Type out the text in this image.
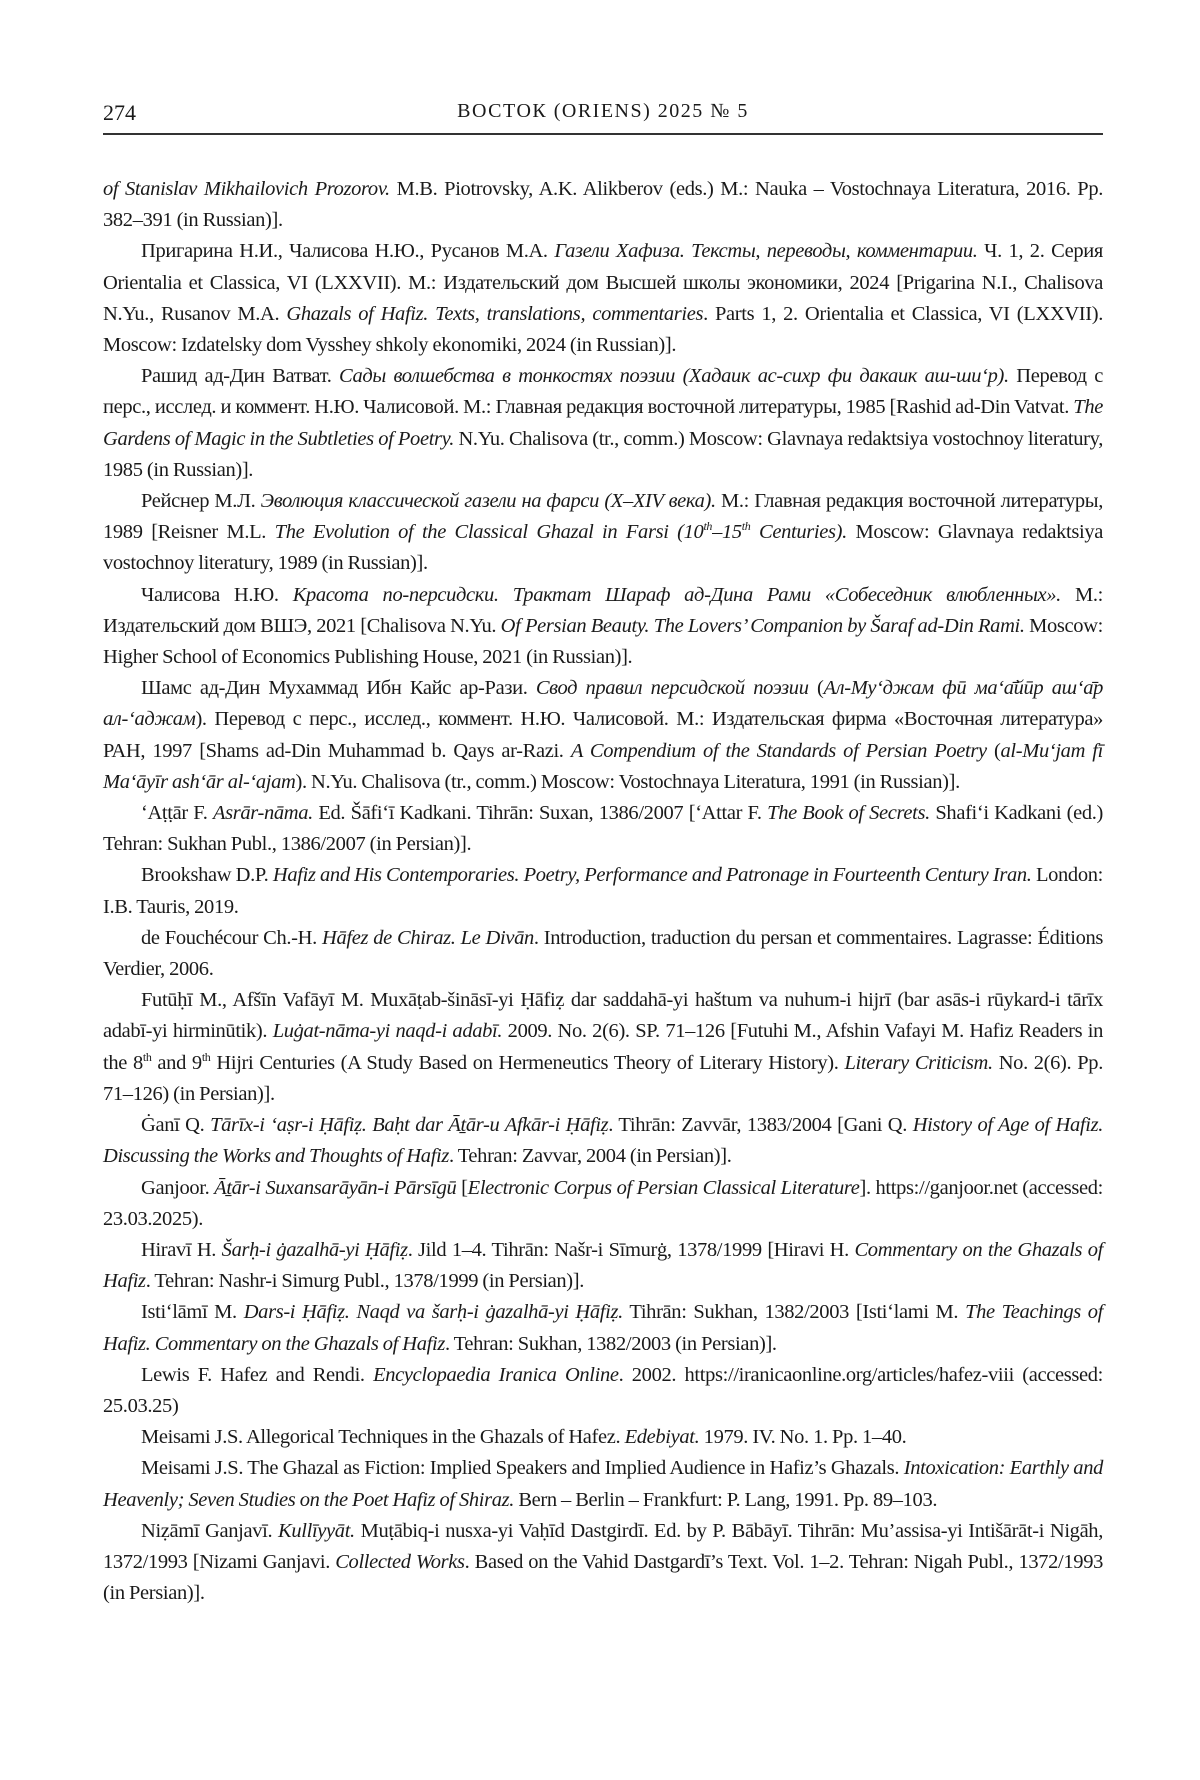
274	ВОСТОК (ORIENS) 2025 № 5

of Stanislav Mikhailovich Prozorov. M.B. Piotrovsky, A.K. Alikberov (eds.) M.: Nauka – Vostochnaya Literatura, 2016. Pp. 382–391 (in Russian)].

Пригарина Н.И., Чалисова Н.Ю., Русанов М.А. Газели Хафиза. Тексты, переводы, комментарии. Ч. 1, 2. Серия Orientalia et Classica, VI (LXXVII). М.: Издательский дом Высшей школы экономики, 2024 [Prigarina N.I., Chalisova N.Yu., Rusanov M.A. Ghazals of Hafiz. Texts, translations, commentaries. Parts 1, 2. Orientalia et Classica, VI (LXXVII). Moscow: Izdatelsky dom Vysshey shkoly ekonomiki, 2024 (in Russian)].

Рашид ад-Дин Ватват. Сады волшебства в тонкостях поэзии (Хадаик ас-сихр фи дакаик аш-ши‘р). Перевод с перс., исслед. и коммент. Н.Ю. Чалисовой. М.: Главная редакция восточной литературы, 1985 [Rashid ad-Din Vatvat. The Gardens of Magic in the Subtleties of Poetry. N.Yu. Chalisova (tr., comm.) Moscow: Glavnaya redaktsiya vostochnoy literatury, 1985 (in Russian)].

Рейснер М.Л. Эволюция классической газели на фарси (X–XIV века). М.: Главная редакция восточной литературы, 1989 [Reisner M.L. The Evolution of the Classical Ghazal in Farsi (10th–15th Centuries). Moscow: Glavnaya redaktsiya vostochnoy literatury, 1989 (in Russian)].

Чалисова Н.Ю. Красота по-персидски. Трактат Шараф ад-Дина Рами «Собеседник влюбленных». М.: Издательский дом ВШЭ, 2021 [Chalisova N.Yu. Of Persian Beauty. The Lovers’ Companion by Šaraf ad-Din Rami. Moscow: Higher School of Economics Publishing House, 2021 (in Russian)].

Шамс ад-Дин Мухаммад Ибн Кайс ар-Рази. Свод правил персидской поэзии (Ал-Му‘джам фӣ ма‘а̄йӣр аш‘а̄р ал-‘аджам). Перевод с перс., исслед., коммент. Н.Ю. Чалисовой. М.: Издательская фирма «Восточная литература» РАН, 1997 [Shams ad-Din Muhammad b. Qays ar-Razi. A Compendium of the Standards of Persian Poetry (al-Mu‘jam fī Ma‘āyīr ash‘ār al-‘ajam). N.Yu. Chalisova (tr., comm.) Moscow: Vostochnaya Literatura, 1991 (in Russian)].

‘Aṭṭār F. Asrār-nāma. Ed. Šāfi‘ī Kadkani. Tihrān: Suxan, 1386/2007 [‘Attar F. The Book of Secrets. Shafi‘i Kadkani (ed.) Tehran: Sukhan Publ., 1386/2007 (in Persian)].

Brookshaw D.P. Hafiz and His Contemporaries. Poetry, Performance and Patronage in Fourteenth Century Iran. London: I.B. Tauris, 2019.

de Fouchécour Ch.-H. Hāfez de Chiraz. Le Divān. Introduction, traduction du persan et commentaires. Lagrasse: Éditions Verdier, 2006.

Futūḥī M., Afšīn Vafāyī M. Muxāṭab-šināsī-yi Ḥāfiẓ dar saddahā-yi haštum va nuhum-i hijrī (bar asās-i rūykard-i tārīx adabī-yi hirminūtik). Luġat-nāma-yi naqd-i adabī. 2009. No. 2(6). SP. 71–126 [Futuhi M., Afshin Vafayi M. Hafiz Readers in the 8th and 9th Hijri Centuries (A Study Based on Hermeneutics Theory of Literary History). Literary Criticism. No. 2(6). Pp. 71–126) (in Persian)].

Ġanī Q. Tārīx-i ‘aṣr-i Ḥāfiẓ. Baḥt dar Āṯār-u Afkār-i Ḥāfiẓ. Tihrān: Zavvār, 1383/2004 [Gani Q. History of Age of Hafiz. Discussing the Works and Thoughts of Hafiz. Tehran: Zavvar, 2004 (in Persian)].

Ganjoor. Āṯār-i Suxansarāyān-i Pārsīgū [Electronic Corpus of Persian Classical Literature]. https://ganjoor.net (accessed: 23.03.2025).

Hiravī H. Šarḥ-i ġazalhā-yi Ḥāfiẓ. Jild 1–4. Tihrān: Našr-i Sīmurġ, 1378/1999 [Hiravi H. Commentary on the Ghazals of Hafiz. Tehran: Nashr-i Simurg Publ., 1378/1999 (in Persian)].

Isti‘lāmī M. Dars-i Ḥāfiẓ. Naqd va šarḥ-i ġazalhā-yi Ḥāfiẓ. Tihrān: Sukhan, 1382/2003 [Isti‘lami M. The Teachings of Hafiz. Commentary on the Ghazals of Hafiz. Tehran: Sukhan, 1382/2003 (in Persian)].

Lewis F. Hafez and Rendi. Encyclopaedia Iranica Online. 2002. https://iranicaonline.org/articles/hafez-viii (accessed: 25.03.25)

Meisami J.S. Allegorical Techniques in the Ghazals of Hafez. Edebiyat. 1979. IV. No. 1. Pp. 1–40.

Meisami J.S. The Ghazal as Fiction: Implied Speakers and Implied Audience in Hafiz’s Ghazals. Intoxication: Earthly and Heavenly; Seven Studies on the Poet Hafiz of Shiraz. Bern – Berlin – Frankfurt: P. Lang, 1991. Pp. 89–103.

Niẓāmī Ganjavī. Kullīyyāt. Muṭābiq-i nusxa-yi Vaḥīd Dastgirdī. Ed. by P. Bābāyī. Tihrān: Mu’assisa-yi Intišārāt-i Nigāh, 1372/1993 [Nizami Ganjavi. Collected Works. Based on the Vahid Dastgardī’s Text. Vol. 1–2. Tehran: Nigah Publ., 1372/1993 (in Persian)].
